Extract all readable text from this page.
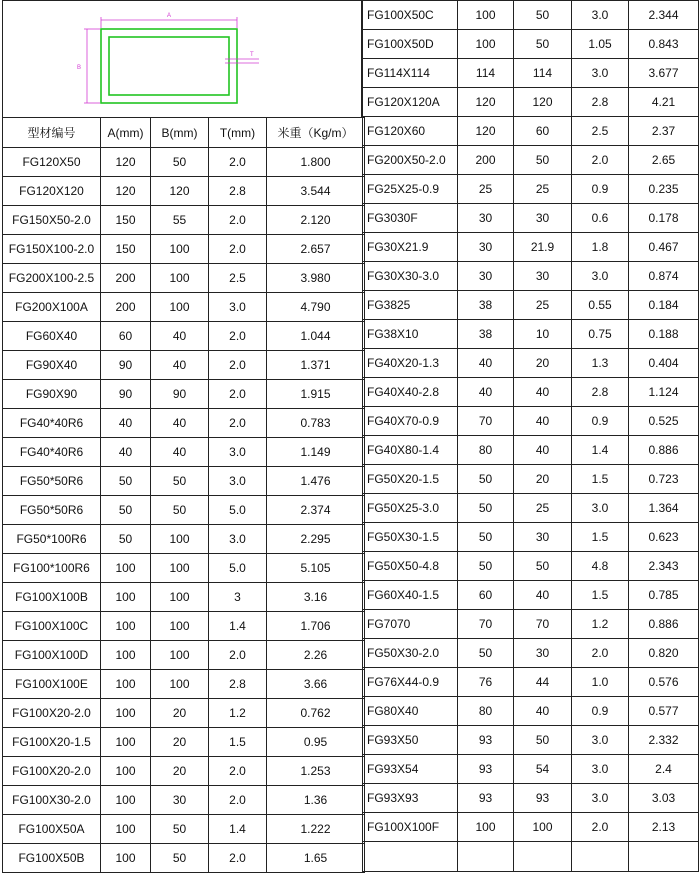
A
B
T
型材编号	A(mm)	B(mm)	T(mm)	米重（Kg/m）
FG120X50	120	50	2.0	1.800
FG120X120	120	120	2.8	3.544
FG150X50-2.0	150	55	2.0	2.120
FG150X100-2.0	150	100	2.0	2.657
FG200X100-2.5	200	100	2.5	3.980
FG200X100A	200	100	3.0	4.790
FG60X40	60	40	2.0	1.044
FG90X40	90	40	2.0	1.371
FG90X90	90	90	2.0	1.915
FG40*40R6	40	40	2.0	0.783
FG40*40R6	40	40	3.0	1.149
FG50*50R6	50	50	3.0	1.476
FG50*50R6	50	50	5.0	2.374
FG50*100R6	50	100	3.0	2.295
FG100*100R6	100	100	5.0	5.105
FG100X100B	100	100	3	3.16
FG100X100C	100	100	1.4	1.706
FG100X100D	100	100	2.0	2.26
FG100X100E	100	100	2.8	3.66
FG100X20-2.0	100	20	1.2	0.762
FG100X20-1.5	100	20	1.5	0.95
FG100X20-2.0	100	20	2.0	1.253
FG100X30-2.0	100	30	2.0	1.36
FG100X50A	100	50	1.4	1.222
FG100X50B	100	50	2.0	1.65
FG100X50C	100	50	3.0	2.344
FG100X50D	100	50	1.05	0.843
FG114X114	114	114	3.0	3.677
FG120X120A	120	120	2.8	4.21
FG120X60	120	60	2.5	2.37
FG200X50-2.0	200	50	2.0	2.65
FG25X25-0.9	25	25	0.9	0.235
FG3030F	30	30	0.6	0.178
FG30X21.9	30	21.9	1.8	0.467
FG30X30-3.0	30	30	3.0	0.874
FG3825	38	25	0.55	0.184
FG38X10	38	10	0.75	0.188
FG40X20-1.3	40	20	1.3	0.404
FG40X40-2.8	40	40	2.8	1.124
FG40X70-0.9	70	40	0.9	0.525
FG40X80-1.4	80	40	1.4	0.886
FG50X20-1.5	50	20	1.5	0.723
FG50X25-3.0	50	25	3.0	1.364
FG50X30-1.5	50	30	1.5	0.623
FG50X50-4.8	50	50	4.8	2.343
FG60X40-1.5	60	40	1.5	0.785
FG7070	70	70	1.2	0.886
FG50X30-2.0	50	30	2.0	0.820
FG76X44-0.9	76	44	1.0	0.576
FG80X40	80	40	0.9	0.577
FG93X50	93	50	3.0	2.332
FG93X54	93	54	3.0	2.4
FG93X93	93	93	3.0	3.03
FG100X100F	100	100	2.0	2.13
